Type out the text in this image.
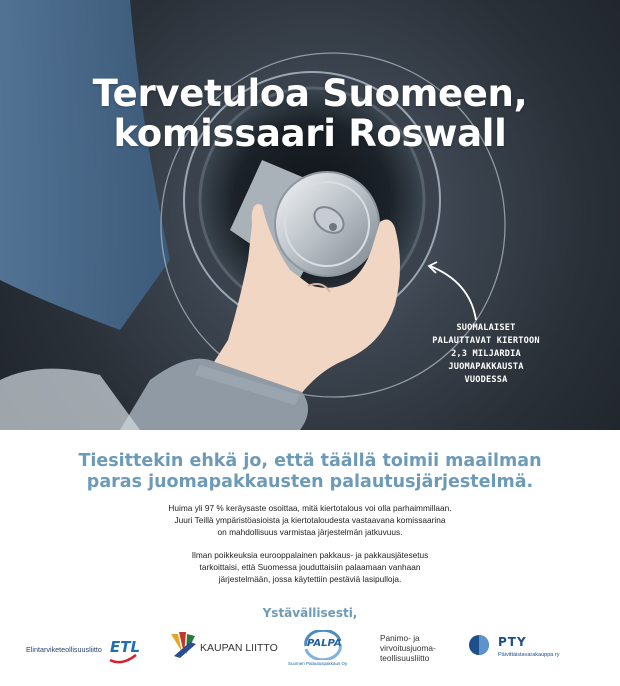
Tervetuloa Suomeen,
komissaari Roswall
SUOMALAISET
PALAUTTAVAT KIERTOON
2,3 MILJARDIA
JUOMAPAKKAUSTA
VUODESSA
Tiesittekin ehkä jo, että täällä toimii maailman
paras juomapakkausten palautusjärjestelmä.
Huima yli 97 % keräysaste osoittaa, mitä kiertotalous voi olla parhaimmillaan.
Juuri Teillä ympäristöasioista ja kiertotaloudesta vastaavana komissaarina
on mahdollisuus varmistaa järjestelmän jatkuvuus.
Ilman poikkeuksia eurooppalainen pakkaus- ja pakkausjätesetus
tarkoittaisi, että Suomessa jouduttaisiin palaamaan vanhaan
järjestelmään, jossa käytettiin pestäviä lasipulloja.
Ystävällisesti,
Elintarviketeollisuusliitto ETL	KAUPAN LIITTO	PALPA
Suomen Palautuspakkaus Oy
Panimo- ja
virvoitusjuoma-
teollisuusliitto
PTY
Päivittäistavarakauppa ry
